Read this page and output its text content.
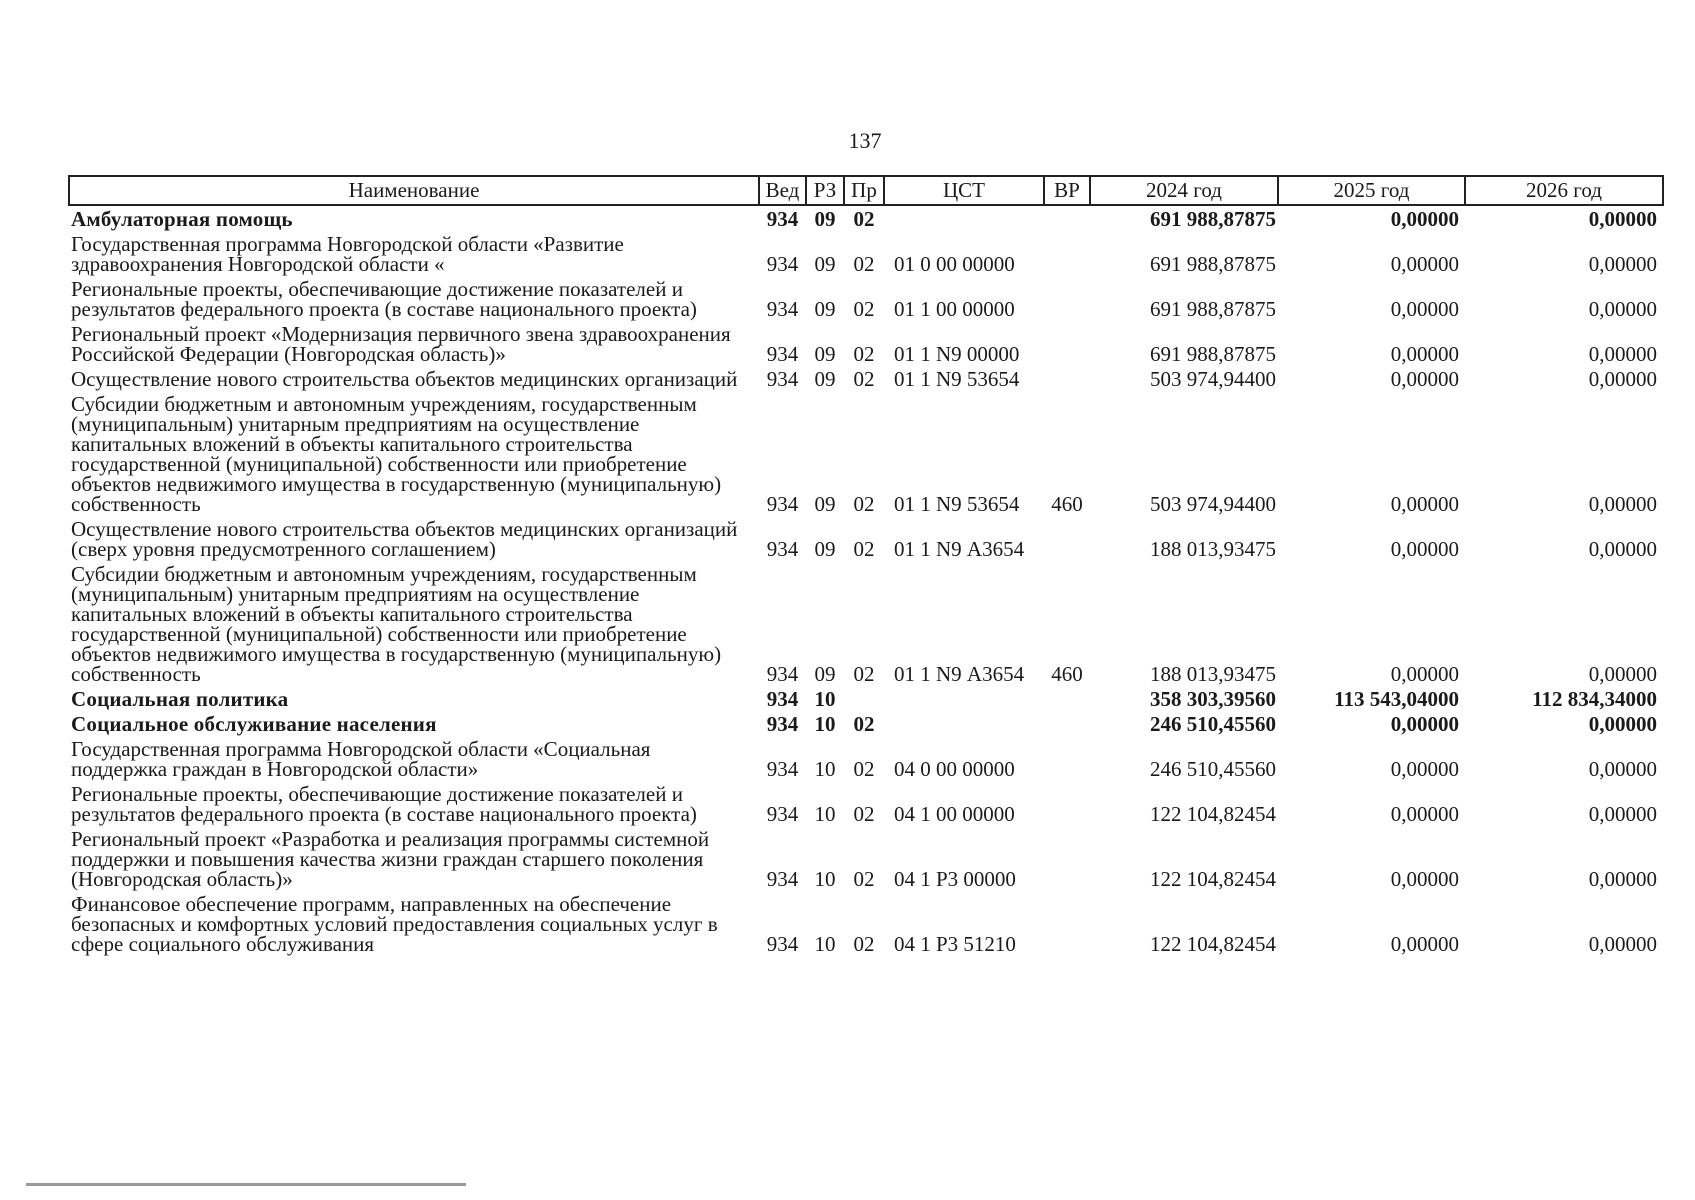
137
Наименование	Вед	РЗ	Пр	ЦСТ	ВР	2024 год	2025 год	2026 год
Амбулаторная помощь	934	09	02			691 988,87875	0,00000	0,00000
Государственная программа Новгородской области «Развитие здравоохранения Новгородской области «	934	09	02	01 0 00 00000		691 988,87875	0,00000	0,00000
Региональные проекты, обеспечивающие достижение показателей и результатов федерального проекта (в составе национального проекта)	934	09	02	01 1 00 00000		691 988,87875	0,00000	0,00000
Региональный проект «Модернизация первичного звена здравоохранения Российской Федерации (Новгородская область)»	934	09	02	01 1 N9 00000		691 988,87875	0,00000	0,00000
Осуществление нового строительства объектов медицинских организаций	934	09	02	01 1 N9 53654		503 974,94400	0,00000	0,00000
Субсидии бюджетным и автономным учреждениям, государственным (муниципальным) унитарным предприятиям на осуществление капитальных вложений в объекты капитального строительства государственной (муниципальной) собственности или приобретение объектов недвижимого имущества в государственную (муниципальную) собственность	934	09	02	01 1 N9 53654	460	503 974,94400	0,00000	0,00000
Осуществление нового строительства объектов медицинских организаций (сверх уровня предусмотренного соглашением)	934	09	02	01 1 N9 А3654		188 013,93475	0,00000	0,00000
Субсидии бюджетным и автономным учреждениям, государственным (муниципальным) унитарным предприятиям на осуществление капитальных вложений в объекты капитального строительства государственной (муниципальной) собственности или приобретение объектов недвижимого имущества в государственную (муниципальную) собственность	934	09	02	01 1 N9 А3654	460	188 013,93475	0,00000	0,00000
Социальная политика	934	10				358 303,39560	113 543,04000	112 834,34000
Социальное обслуживание населения	934	10	02			246 510,45560	0,00000	0,00000
Государственная программа Новгородской области «Социальная поддержка граждан в Новгородской области»	934	10	02	04 0 00 00000		246 510,45560	0,00000	0,00000
Региональные проекты, обеспечивающие достижение показателей и результатов федерального проекта (в составе национального проекта)	934	10	02	04 1 00 00000		122 104,82454	0,00000	0,00000
Региональный проект «Разработка и реализация программы системной поддержки и повышения качества жизни граждан старшего поколения (Новгородская область)»	934	10	02	04 1 P3 00000		122 104,82454	0,00000	0,00000
Финансовое обеспечение программ, направленных на обеспечение безопасных и комфортных условий предоставления социальных услуг в сфере социального обслуживания	934	10	02	04 1 P3 51210		122 104,82454	0,00000	0,00000
